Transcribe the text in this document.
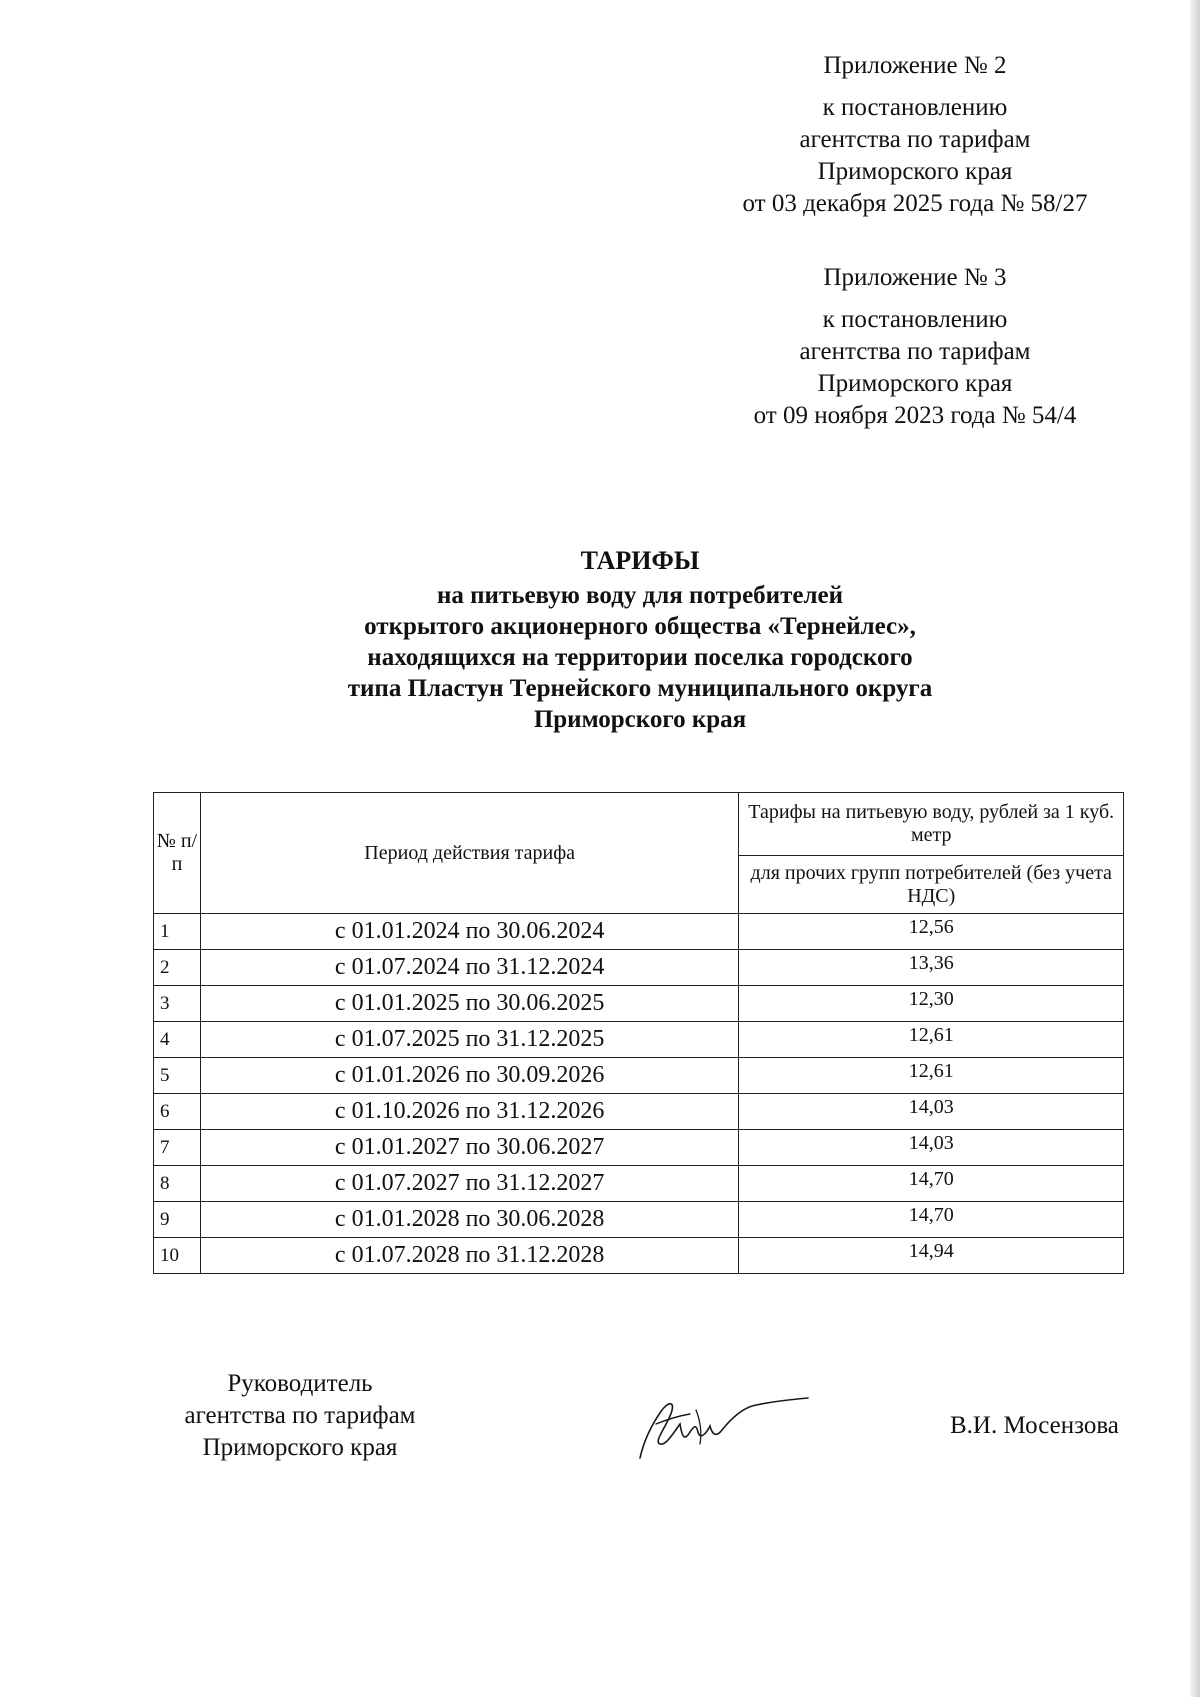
Приложение № 2
к постановлению
агентства по тарифам
Приморского края
от 03 декабря 2025 года № 58/27
Приложение № 3
к постановлению
агентства по тарифам
Приморского края
от 09 ноября 2023 года № 54/4
ТАРИФЫ
на питьевую воду для потребителей
открытого акционерного общества «Тернейлес»,
находящихся на территории поселка городского
типа Пластун Тернейского муниципального округа
Приморского края
№ п/п	Период действия тарифа	Тарифы на питьевую воду, рублей за 1 куб. метр
		для прочих групп потребителей (без учета НДС)
1	с 01.01.2024 по 30.06.2024	12,56
2	с 01.07.2024 по 31.12.2024	13,36
3	с 01.01.2025 по 30.06.2025	12,30
4	с 01.07.2025 по 31.12.2025	12,61
5	с 01.01.2026 по 30.09.2026	12,61
6	с 01.10.2026 по 31.12.2026	14,03
7	с 01.01.2027 по 30.06.2027	14,03
8	с 01.07.2027 по 31.12.2027	14,70
9	с 01.01.2028 по 30.06.2028	14,70
10	с 01.07.2028 по 31.12.2028	14,94
Руководитель
агентства по тарифам
Приморского края
В.И. Мосензова
